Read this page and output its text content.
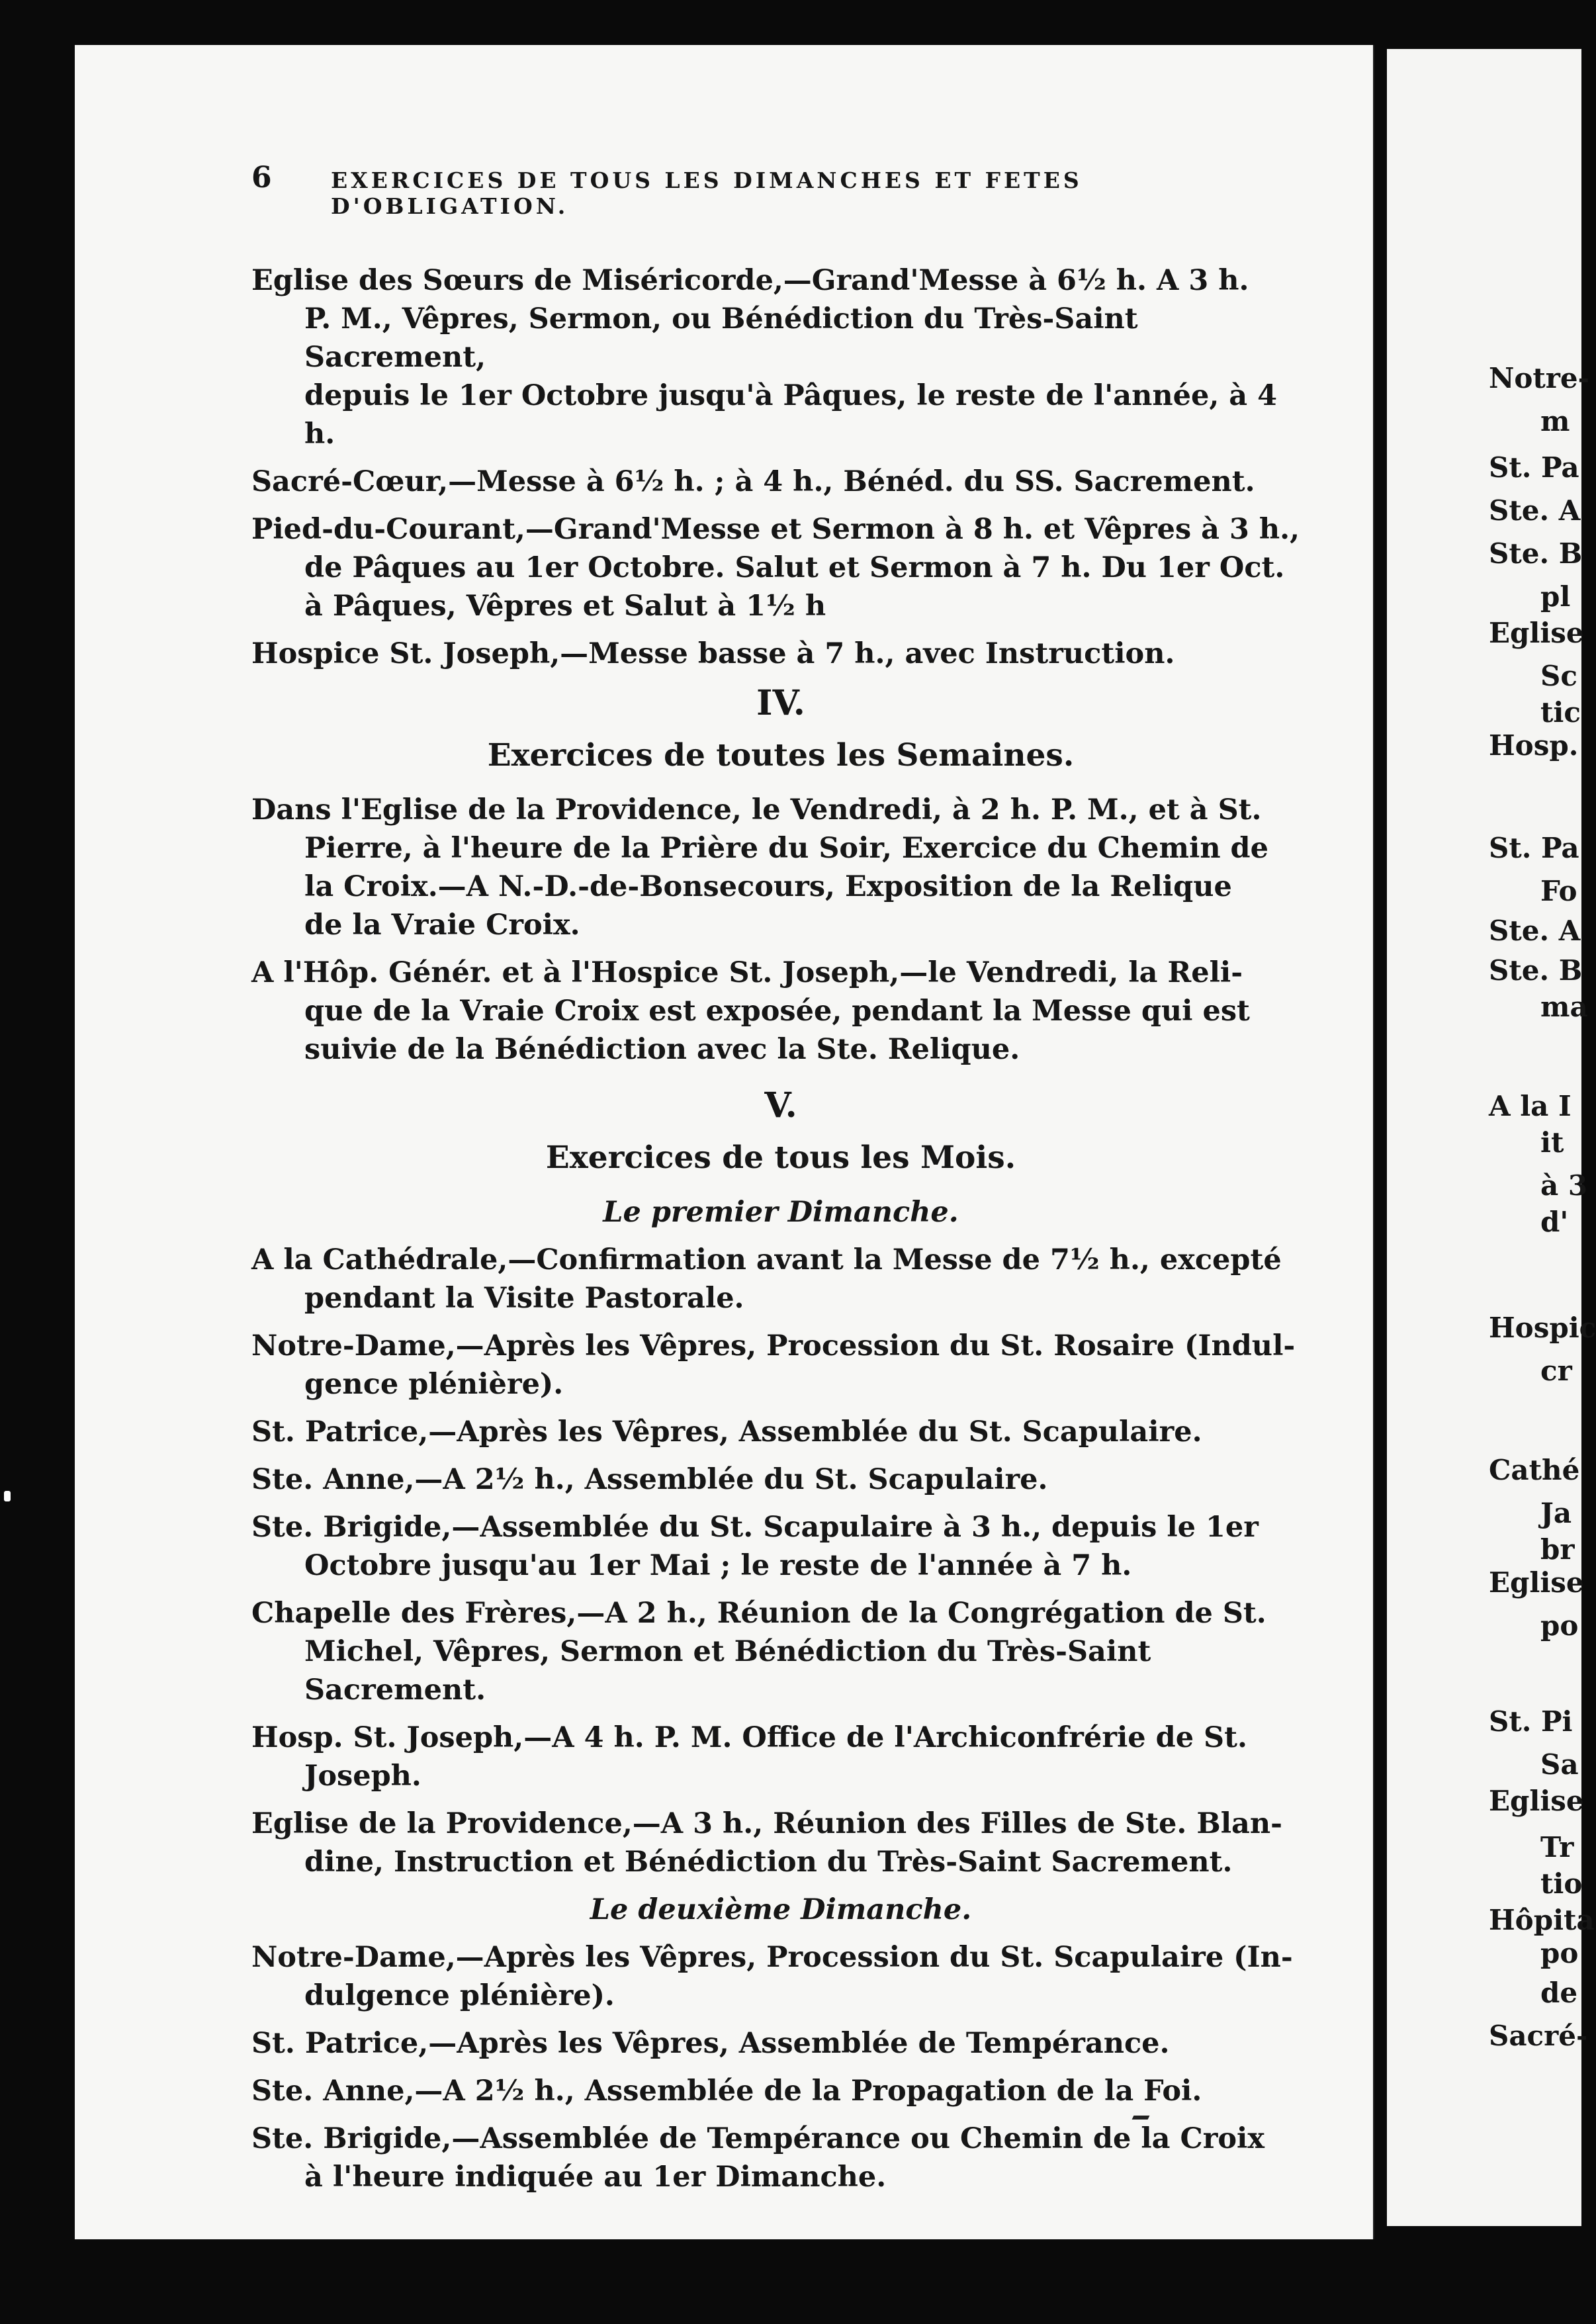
Notre-
m
St. Pa
Ste. A
Ste. B
pl
Eglise
Sc
tic
Hosp.
St. Pa
Fo
Ste. A
Ste. B
ma
A la I
it
à 3
d'
Hospic
cr
Cathé
Ja
br
Eglise
po
St. Pi
Sa
Eglise
Tr
tio
Hôpita
po
de
Sacré-
6	EXERCICES DE TOUS LES DIMANCHES ET FETES D'OBLIGATION.
Eglise des Sœurs de Miséricorde,—Grand'Messe à 6½ h. A 3 h.
P. M., Vêpres, Sermon, ou Bénédiction du Très-Saint Sacrement,
depuis le 1er Octobre jusqu'à Pâques, le reste de l'année, à 4 h.
Sacré-Cœur,—Messe à 6½ h. ; à 4 h., Bénéd. du SS. Sacrement.
Pied-du-Courant,—Grand'Messe et Sermon à 8 h. et Vêpres à 3 h.,
de Pâques au 1er Octobre. Salut et Sermon à 7 h. Du 1er Oct.
à Pâques, Vêpres et Salut à 1½ h
Hospice St. Joseph,—Messe basse à 7 h., avec Instruction.
IV.
Exercices de toutes les Semaines.
Dans l'Eglise de la Providence, le Vendredi, à 2 h. P. M., et à St.
Pierre, à l'heure de la Prière du Soir, Exercice du Chemin de
la Croix.—A N.-D.-de-Bonsecours, Exposition de la Relique
de la Vraie Croix.
A l'Hôp. Génér. et à l'Hospice St. Joseph,—le Vendredi, la Reli-
que de la Vraie Croix est exposée, pendant la Messe qui est
suivie de la Bénédiction avec la Ste. Relique.
V.
Exercices de tous les Mois.
Le premier Dimanche.
A la Cathédrale,—Confirmation avant la Messe de 7½ h., excepté
pendant la Visite Pastorale.
Notre-Dame,—Après les Vêpres, Procession du St. Rosaire (Indul-
gence plénière).
St. Patrice,—Après les Vêpres, Assemblée du St. Scapulaire.
Ste. Anne,—A 2½ h., Assemblée du St. Scapulaire.
Ste. Brigide,—Assemblée du St. Scapulaire à 3 h., depuis le 1er
Octobre jusqu'au 1er Mai ; le reste de l'année à 7 h.
Chapelle des Frères,—A 2 h., Réunion de la Congrégation de St.
Michel, Vêpres, Sermon et Bénédiction du Très-Saint Sacrement.
Hosp. St. Joseph,—A 4 h. P. M. Office de l'Archiconfrérie de St.
Joseph.
Eglise de la Providence,—A 3 h., Réunion des Filles de Ste. Blan-
dine, Instruction et Bénédiction du Très-Saint Sacrement.
Le deuxième Dimanche.
Notre-Dame,—Après les Vêpres, Procession du St. Scapulaire (In-
dulgence plénière).
St. Patrice,—Après les Vêpres, Assemblée de Tempérance.
Ste. Anne,—A 2½ h., Assemblée de la Propagation de la Foi.
Ste. Brigide,—Assemblée de Tempérance ou Chemin de la Croix
à l'heure indiquée au 1er Dimanche.
